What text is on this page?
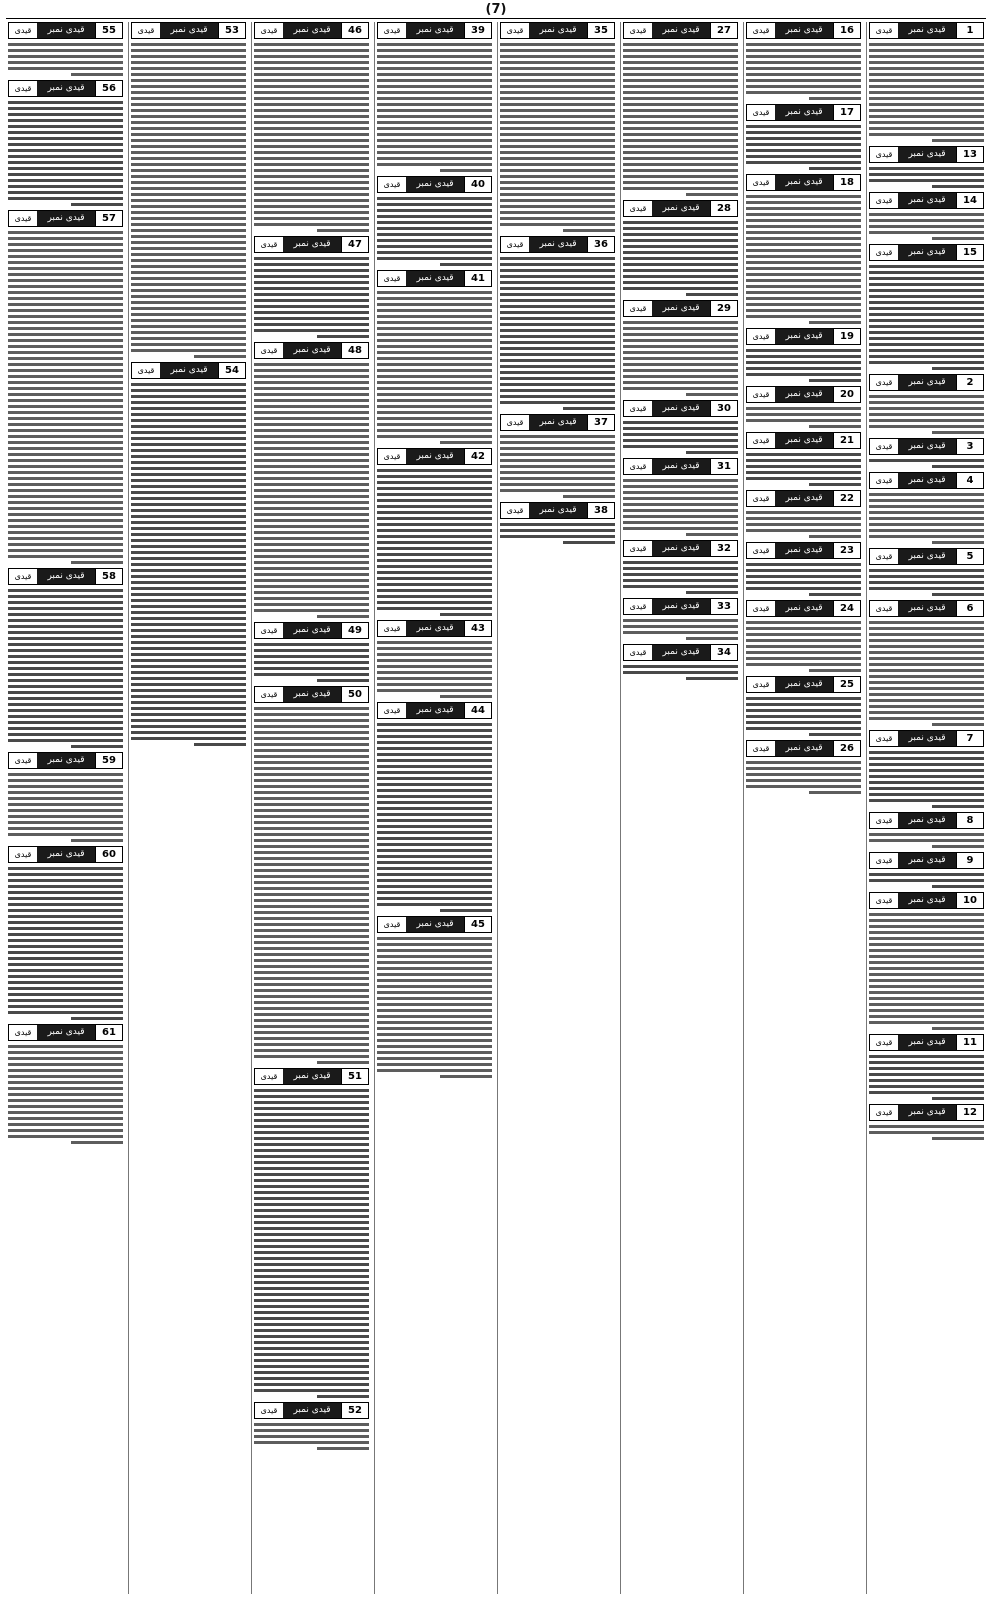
(7)
1
قیدی نمبر
قیدی
13
قیدی نمبر
قیدی
14
قیدی نمبر
قیدی
15
قیدی نمبر
قیدی
2
قیدی نمبر
قیدی
3
قیدی نمبر
قیدی
4
قیدی نمبر
قیدی
5
قیدی نمبر
قیدی
6
قیدی نمبر
قیدی
7
قیدی نمبر
قیدی
8
قیدی نمبر
قیدی
9
قیدی نمبر
قیدی
10
قیدی نمبر
قیدی
11
قیدی نمبر
قیدی
12
قیدی نمبر
قیدی
16
قیدی نمبر
قیدی
17
قیدی نمبر
قیدی
18
قیدی نمبر
قیدی
19
قیدی نمبر
قیدی
20
قیدی نمبر
قیدی
21
قیدی نمبر
قیدی
22
قیدی نمبر
قیدی
23
قیدی نمبر
قیدی
24
قیدی نمبر
قیدی
25
قیدی نمبر
قیدی
26
قیدی نمبر
قیدی
27
قیدی نمبر
قیدی
28
قیدی نمبر
قیدی
29
قیدی نمبر
قیدی
30
قیدی نمبر
قیدی
31
قیدی نمبر
قیدی
32
قیدی نمبر
قیدی
33
قیدی نمبر
قیدی
34
قیدی نمبر
قیدی
35
قیدی نمبر
قیدی
36
قیدی نمبر
قیدی
37
قیدی نمبر
قیدی
38
قیدی نمبر
قیدی
39
قیدی نمبر
قیدی
40
قیدی نمبر
قیدی
41
قیدی نمبر
قیدی
42
قیدی نمبر
قیدی
43
قیدی نمبر
قیدی
44
قیدی نمبر
قیدی
45
قیدی نمبر
قیدی
46
قیدی نمبر
قیدی
47
قیدی نمبر
قیدی
48
قیدی نمبر
قیدی
49
قیدی نمبر
قیدی
50
قیدی نمبر
قیدی
51
قیدی نمبر
قیدی
52
قیدی نمبر
قیدی
53
قیدی نمبر
قیدی
54
قیدی نمبر
قیدی
55
قیدی نمبر
قیدی
56
قیدی نمبر
قیدی
57
قیدی نمبر
قیدی
58
قیدی نمبر
قیدی
59
قیدی نمبر
قیدی
60
قیدی نمبر
قیدی
61
قیدی نمبر
قیدی
